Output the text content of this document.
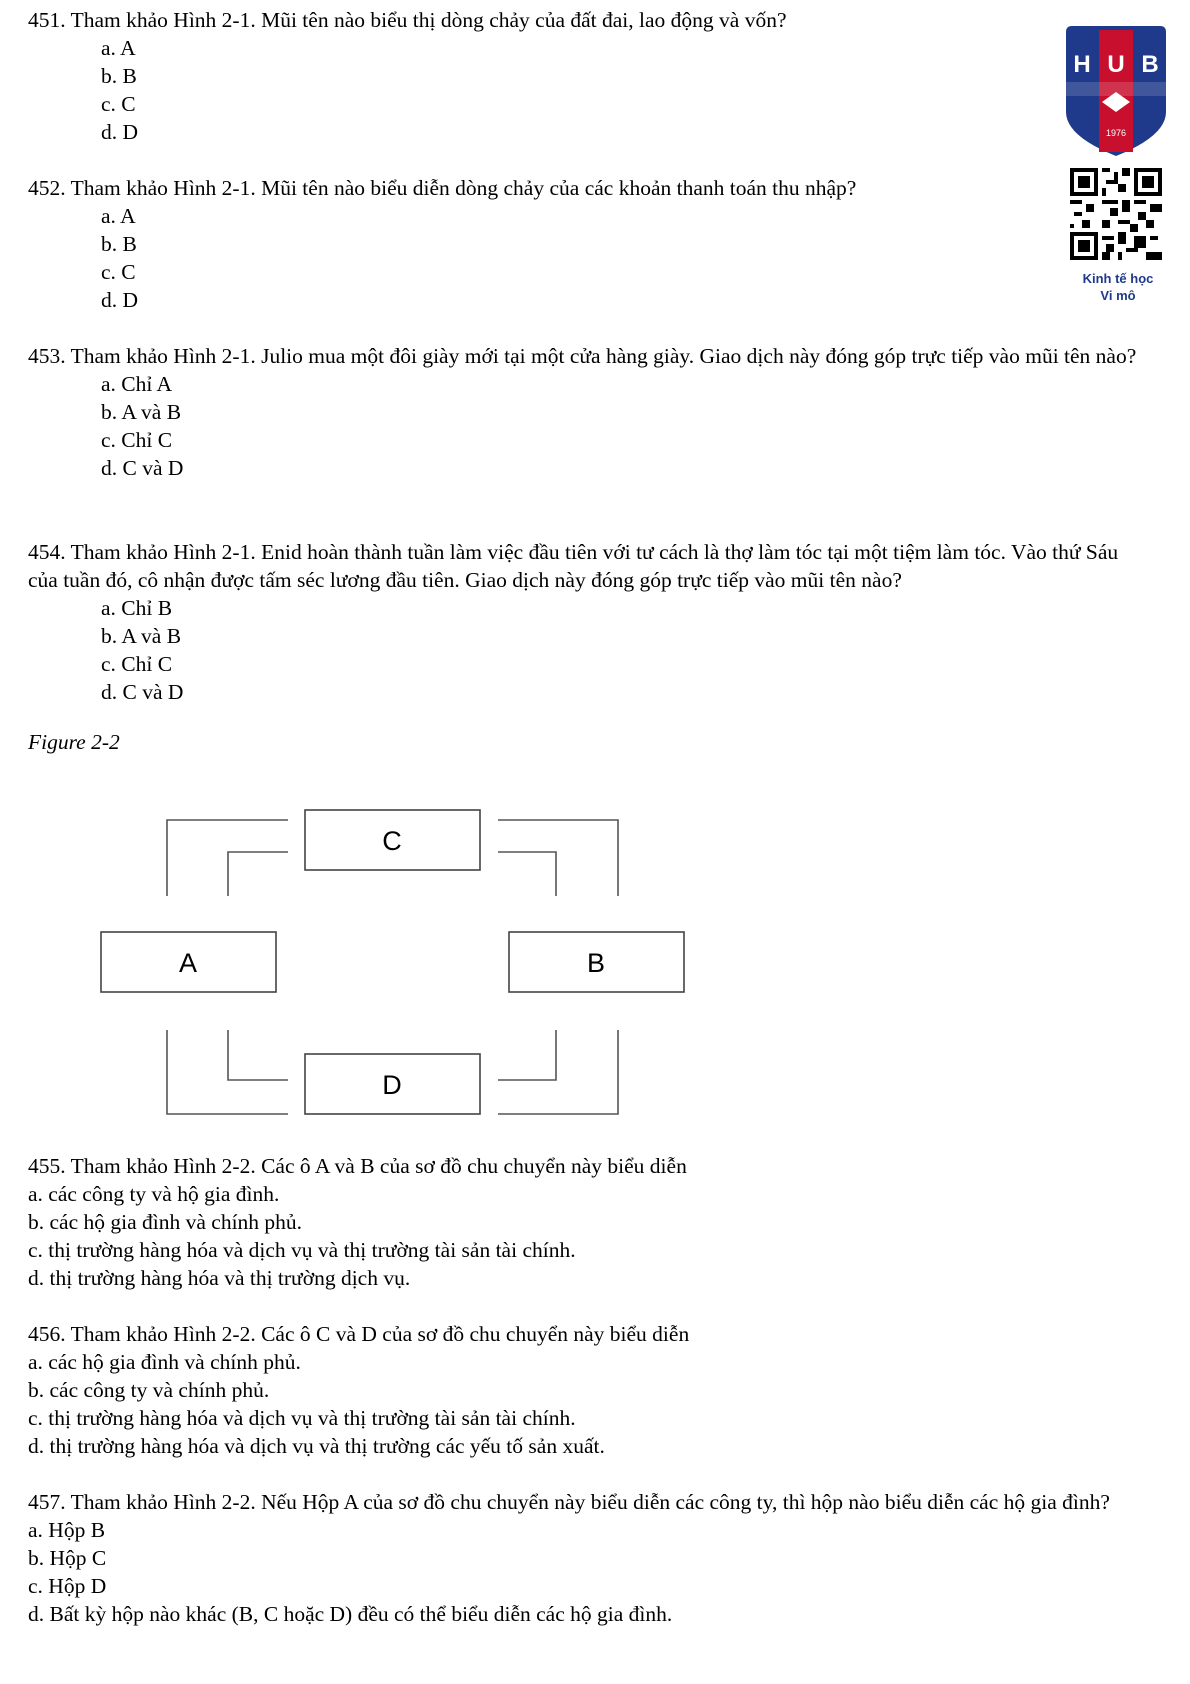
451. Tham khảo Hình 2-1. Mũi tên nào biểu thị dòng chảy của đất đai, lao động và vốn?

a. A

b. B

c. C

d. D

452. Tham khảo Hình 2-1. Mũi tên nào biểu diễn dòng chảy của các khoản thanh toán thu nhập?

a. A

b. B

c. C

d. D

453. Tham khảo Hình 2-1. Julio mua một đôi giày mới tại một cửa hàng giày. Giao dịch này đóng góp trực tiếp vào mũi tên nào?

a. Chỉ A

b. A và B

c. Chỉ C

d. C và D

454. Tham khảo Hình 2-1. Enid hoàn thành tuần làm việc đầu tiên với tư cách là thợ làm tóc tại một tiệm làm tóc. Vào thứ Sáu của tuần đó, cô nhận được tấm séc lương đầu tiên. Giao dịch này đóng góp trực tiếp vào mũi tên nào?

a. Chỉ B

b. A và B

c. Chỉ C

d. C và D

Figure 2-2
C
A	B
D

455. Tham khảo Hình 2-2. Các ô A và B của sơ đồ chu chuyển này biểu diễn

a. các công ty và hộ gia đình.

b. các hộ gia đình và chính phủ.

c. thị trường hàng hóa và dịch vụ và thị trường tài sản tài chính.

d. thị trường hàng hóa và thị trường dịch vụ.

456. Tham khảo Hình 2-2. Các ô C và D của sơ đồ chu chuyển này biểu diễn

a. các hộ gia đình và chính phủ.

b. các công ty và chính phủ.

c. thị trường hàng hóa và dịch vụ và thị trường tài sản tài chính.

d. thị trường hàng hóa và dịch vụ và thị trường các yếu tố sản xuất.

457. Tham khảo Hình 2-2. Nếu Hộp A của sơ đồ chu chuyển này biểu diễn các công ty, thì hộp nào biểu diễn các hộ gia đình?

a. Hộp B

b. Hộp C

c. Hộp D

d. Bất kỳ hộp nào khác (B, C hoặc D) đều có thể biểu diễn các hộ gia đình.

H U B
1976
Kinh tế học
Vi mô
